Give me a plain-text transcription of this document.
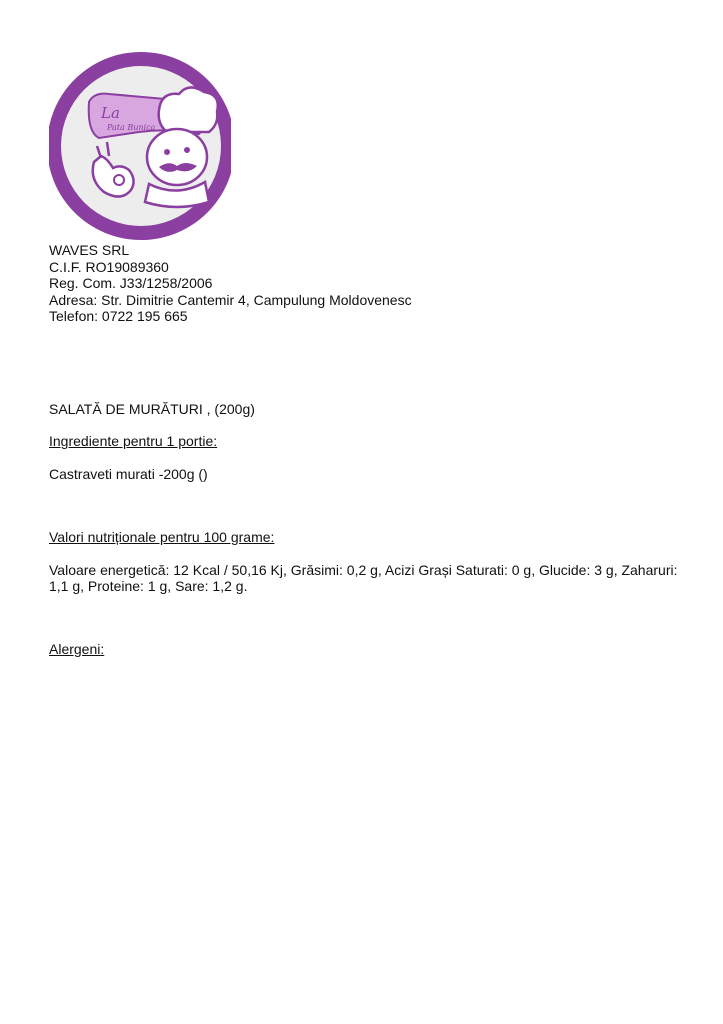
La
Pata Bunica
WAVES SRL
C.I.F. RO19089360
Reg. Com. J33/1258/2006
Adresa: Str. Dimitrie Cantemir 4, Campulung Moldovenesc
Telefon: 0722 195 665
SALATĂ DE MURĂTURI , (200g)
Ingrediente pentru 1 portie:
Castraveti murati -200g ()
Valori nutriționale pentru 100 grame:
Valoare energetică: 12 Kcal / 50,16 Kj, Grăsimi: 0,2 g, Acizi Grași Saturati: 0 g, Glucide: 3 g, Zaharuri: 1,1 g, Proteine: 1 g, Sare: 1,2 g.
Alergeni:
